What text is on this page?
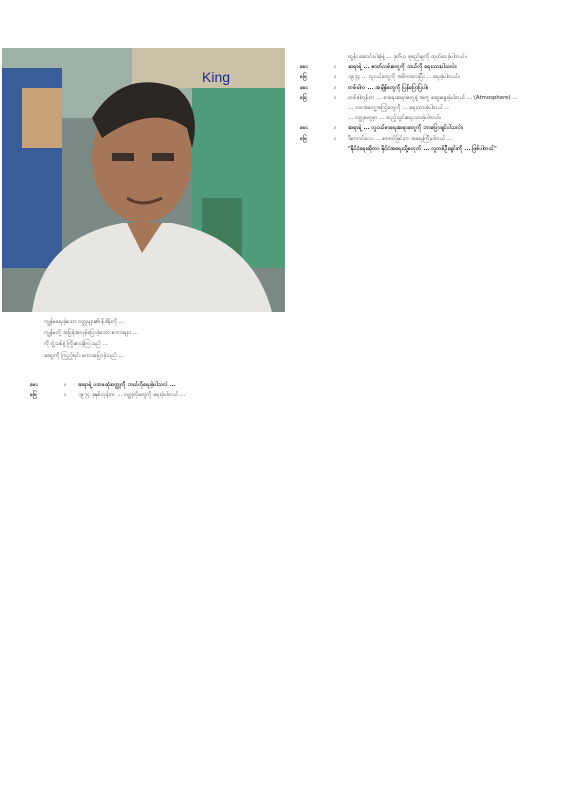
King

ကျွန်မရေးခဲ့သော ဝတ္ထုများ၏ နိဒါန်းကို ...

ကျွန်မတို့ အပြန်အလှန်ပြောခဲ့သော စကားများ ...

ကိုဘွဲ့သစ်နဲ့ ကြိုးစားခဲ့ကြသည် ...

ဆရာ့ကို ကြည့်ရင်း စကားပြောခဲ့သည် ...

မေး	။	ဆရာရဲ့ ပထမဆုံးဝတ္ထုကို ဘယ်လိုရေးခဲ့ပါသလဲ ...
ဖြေ	။	၁၉၇၄ ခုနှစ်တုန်းက ... ဝတ္ထုတိုတွေကို ရေးခဲ့ပါတယ် ...

ထွန်း ဆောင်းပါးစုံနဲ့ ... ဒုတိယ စုစည်းမှုကို ထုတ်ဝေခဲ့ပါတယ်။

မေး	။	ဆရာရဲ့ ... ဇာတ်လမ်းတွေကို ဘယ်လို ရေးသားပါသလဲ။
ဖြေ	။	၁၉၇၄ ... လူငယ်တွေကို အဓိကထားပြီး ... ရေးခဲ့ပါတယ်။
မေး	။	တစ်ခါက ... အချိန်တွေကို ပြန်ပြောပြပါ။
ဖြေ	။	တစ်ခါတုန်းက ... စာရေးဆရာတွေနဲ့ အတူ ဆွေးနွေးခဲ့ပါတယ် ... (Atmosphere) ...

... ဘဝအတွေ့အကြုံတွေကို ... ရေးသားခဲ့ပါတယ် ...

... ဝတ္ထုတွေမှာ ... ထည့်သွင်းရေးသားခဲ့ပါတယ်။

မေး	။	ဆရာရဲ့ ... လူငယ်စာရေးဆရာတွေကို ဘာပြောချင်ပါသလဲ။
ဖြေ	။	ဒီကောင်လေး ... စာဖတ်ခြင်းက အရေးကြီးပါတယ် ...

"နိုင်ငံရေးဆိုတာ နိုင်ငံအရေးသို့မဟုတ် ... လူတစ်ဦးချင်းကို ... ဖြစ်ပါတယ်"
